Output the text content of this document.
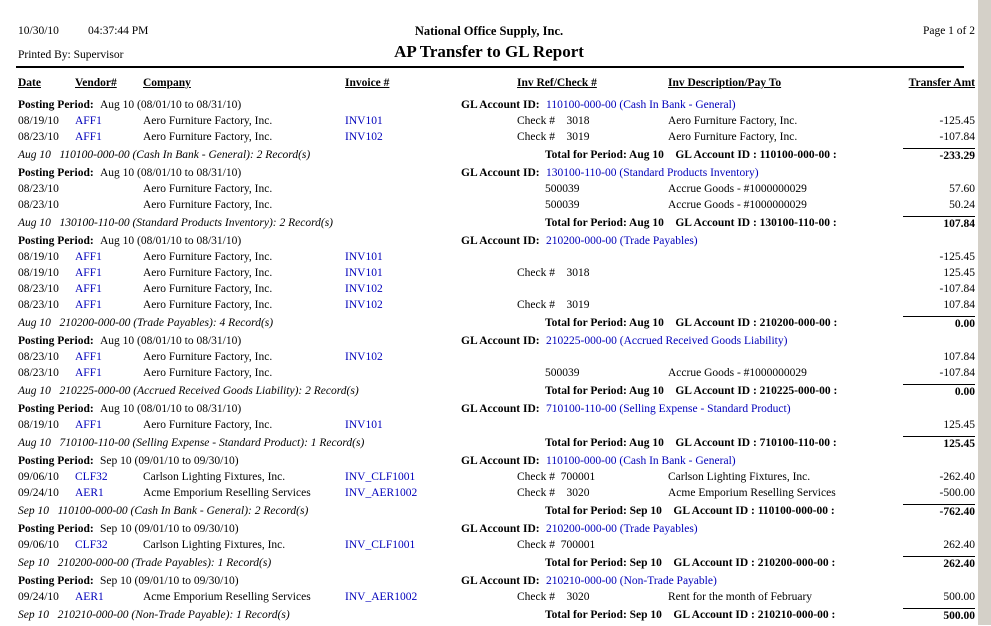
10/30/10	04:37:44 PM	National Office Supply, Inc.	Page 1 of 2
Printed By: Supervisor	AP Transfer to GL Report
Date	Vendor# Company	Invoice #	Inv Ref/Check #	Inv Description/Pay To	Transfer Amt
Posting Period: Aug 10 (08/01/10 to 08/31/10)	GL Account ID: 110100-000-00 (Cash In Bank - General)
08/19/10 AFF1	Aero Furniture Factory, Inc.	INV101	Check #    3018	Aero Furniture Factory, Inc.	-125.45
08/23/10 AFF1	Aero Furniture Factory, Inc.	INV102	Check #    3019	Aero Furniture Factory, Inc.	-107.84
Aug 10   110100-000-00 (Cash In Bank - General): 2 Record(s)	Total for Period: Aug 10    GL Account ID : 110100-000-00 :	-233.29
Posting Period: Aug 10 (08/01/10 to 08/31/10)	GL Account ID: 130100-110-00 (Standard Products Inventory)
08/23/10	Aero Furniture Factory, Inc.	500039	Accrue Goods - #1000000029	57.60
08/23/10	Aero Furniture Factory, Inc.	500039	Accrue Goods - #1000000029	50.24
Aug 10   130100-110-00 (Standard Products Inventory): 2 Record(s)	Total for Period: Aug 10    GL Account ID : 130100-110-00 :	107.84
Posting Period: Aug 10 (08/01/10 to 08/31/10)	GL Account ID: 210200-000-00 (Trade Payables)
08/19/10 AFF1	Aero Furniture Factory, Inc.	INV101	-125.45
08/19/10 AFF1	Aero Furniture Factory, Inc.	INV101	Check #    3018	125.45
08/23/10 AFF1	Aero Furniture Factory, Inc.	INV102	-107.84
08/23/10 AFF1	Aero Furniture Factory, Inc.	INV102	Check #    3019	107.84
Aug 10   210200-000-00 (Trade Payables): 4 Record(s)	Total for Period: Aug 10    GL Account ID : 210200-000-00 :	0.00
Posting Period: Aug 10 (08/01/10 to 08/31/10)	GL Account ID: 210225-000-00 (Accrued Received Goods Liability)
08/23/10 AFF1	Aero Furniture Factory, Inc.	INV102	107.84
08/23/10 AFF1	Aero Furniture Factory, Inc.	500039	Accrue Goods - #1000000029	-107.84
Aug 10   210225-000-00 (Accrued Received Goods Liability): 2 Record(s)	Total for Period: Aug 10    GL Account ID : 210225-000-00 :	0.00
Posting Period: Aug 10 (08/01/10 to 08/31/10)	GL Account ID: 710100-110-00 (Selling Expense - Standard Product)
08/19/10 AFF1	Aero Furniture Factory, Inc.	INV101	125.45
Aug 10   710100-110-00 (Selling Expense - Standard Product): 1 Record(s)	Total for Period: Aug 10    GL Account ID : 710100-110-00 :	125.45
Posting Period: Sep 10 (09/01/10 to 09/30/10)	GL Account ID: 110100-000-00 (Cash In Bank - General)
09/06/10 CLF32	Carlson Lighting Fixtures, Inc.	INV_CLF1001	Check #  700001	Carlson Lighting Fixtures, Inc.	-262.40
09/24/10 AER1	Acme Emporium Reselling Services	INV_AER1002	Check #    3020	Acme Emporium Reselling Services	-500.00
Sep 10   110100-000-00 (Cash In Bank - General): 2 Record(s)	Total for Period: Sep 10    GL Account ID : 110100-000-00 :	-762.40
Posting Period: Sep 10 (09/01/10 to 09/30/10)	GL Account ID: 210200-000-00 (Trade Payables)
09/06/10 CLF32	Carlson Lighting Fixtures, Inc.	INV_CLF1001	Check #  700001	262.40
Sep 10   210200-000-00 (Trade Payables): 1 Record(s)	Total for Period: Sep 10    GL Account ID : 210200-000-00 :	262.40
Posting Period: Sep 10 (09/01/10 to 09/30/10)	GL Account ID: 210210-000-00 (Non-Trade Payable)
09/24/10 AER1	Acme Emporium Reselling Services	INV_AER1002	Check #    3020	Rent for the month of February	500.00
Sep 10   210210-000-00 (Non-Trade Payable): 1 Record(s)	Total for Period: Sep 10    GL Account ID : 210210-000-00 :	500.00
